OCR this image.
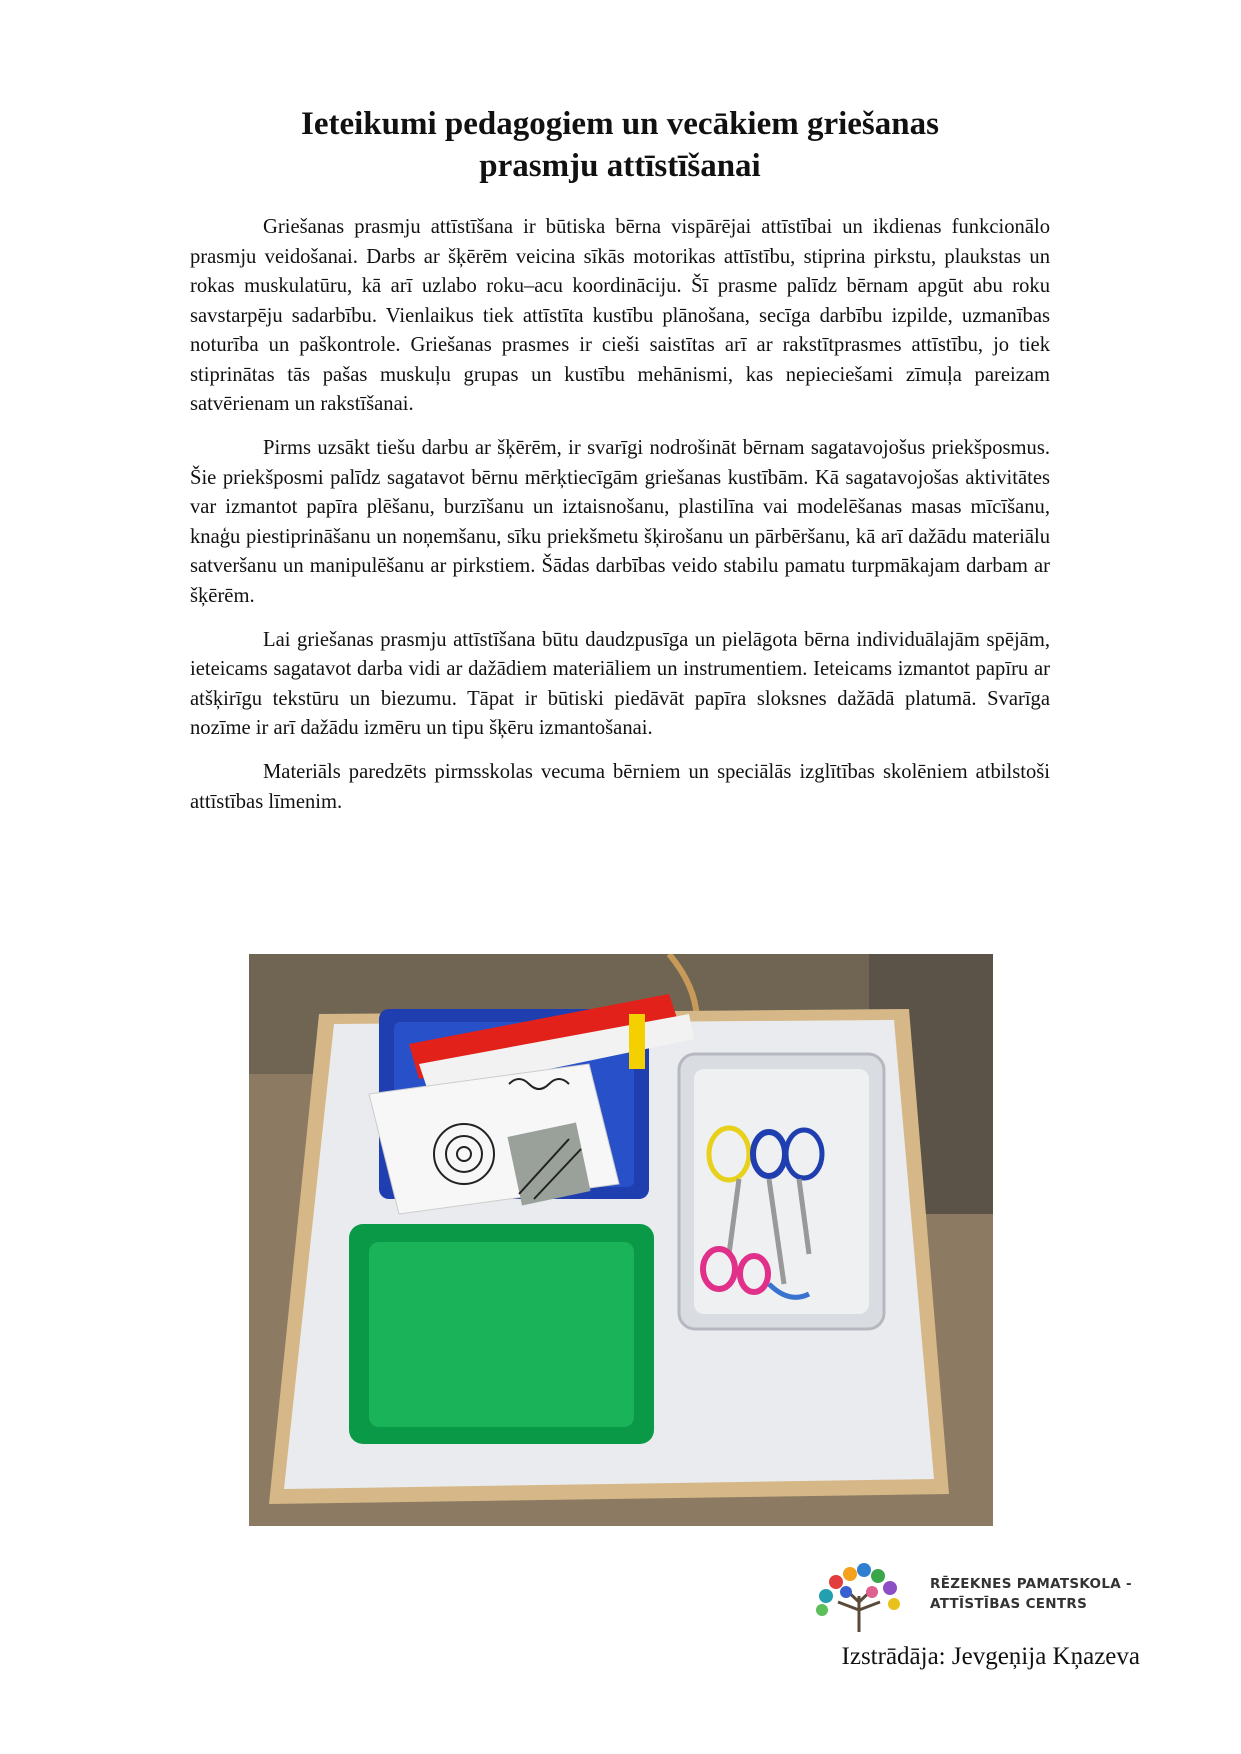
Ieteikumi pedagogiem un vecākiem griešanas
prasmju attīstīšanai

Griešanas prasmju attīstīšana ir būtiska bērna vispārējai attīstībai un ikdienas funkcionālo prasmju veidošanai. Darbs ar šķērēm veicina sīkās motorikas attīstību, stiprina pirkstu, plaukstas un rokas muskulatūru, kā arī uzlabo roku–acu koordināciju. Šī prasme palīdz bērnam apgūt abu roku savstarpēju sadarbību. Vienlaikus tiek attīstīta kustību plānošana, secīga darbību izpilde, uzmanības noturība un paškontrole. Griešanas prasmes ir cieši saistītas arī ar rakstītprasmes attīstību, jo tiek stiprinātas tās pašas muskuļu grupas un kustību mehānismi, kas nepieciešami zīmuļa pareizam satvērienam un rakstīšanai.

Pirms uzsākt tiešu darbu ar šķērēm, ir svarīgi nodrošināt bērnam sagatavojošus priekšposmus. Šie priekšposmi palīdz sagatavot bērnu mērķtiecīgām griešanas kustībām. Kā sagatavojošas aktivitātes var izmantot papīra plēšanu, burzīšanu un iztaisnošanu, plastilīna vai modelēšanas masas mīcīšanu, knaģu piestiprināšanu un noņemšanu, sīku priekšmetu šķirošanu un pārbēršanu, kā arī dažādu materiālu satveršanu un manipulēšanu ar pirkstiem. Šādas darbības veido stabilu pamatu turpmākajam darbam ar šķērēm.

Lai griešanas prasmju attīstīšana būtu daudzpusīga un pielāgota bērna individuālajām spējām, ieteicams sagatavot darba vidi ar dažādiem materiāliem un instrumentiem. Ieteicams izmantot papīru ar atšķirīgu tekstūru un biezumu. Tāpat ir būtiski piedāvāt papīra sloksnes dažādā platumā. Svarīga nozīme ir arī dažādu izmēru un tipu šķēru izmantošanai.

Materiāls paredzēts pirmsskolas vecuma bērniem un speciālās izglītības skolēniem atbilstoši attīstības līmenim.

RĒZEKNES PAMATSKOLA -
ATTĪSTĪBAS CENTRS
Izstrādāja: Jevgeņija Kņazeva
